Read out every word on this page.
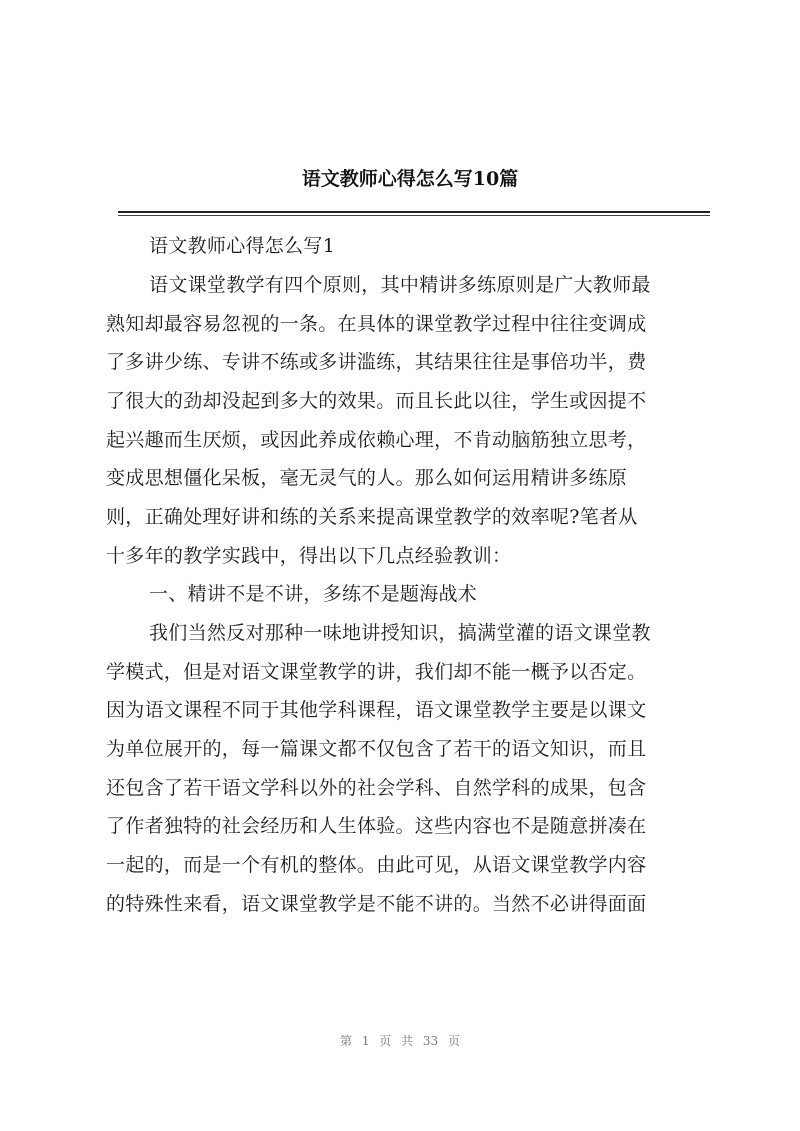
语文教师心得怎么写10篇
语文教师心得怎么写1
语文课堂教学有四个原则，其中精讲多练原则是广大教师最
熟知却最容易忽视的一条。在具体的课堂教学过程中往往变调成
了多讲少练、专讲不练或多讲滥练，其结果往往是事倍功半，费
了很大的劲却没起到多大的效果。而且长此以往，学生或因提不
起兴趣而生厌烦，或因此养成依赖心理，不肯动脑筋独立思考，
变成思想僵化呆板，毫无灵气的人。那么如何运用精讲多练原
则，正确处理好讲和练的关系来提高课堂教学的效率呢?笔者从
十多年的教学实践中，得出以下几点经验教训：
一、精讲不是不讲，多练不是题海战术
我们当然反对那种一味地讲授知识，搞满堂灌的语文课堂教
学模式，但是对语文课堂教学的讲，我们却不能一概予以否定。
因为语文课程不同于其他学科课程，语文课堂教学主要是以课文
为单位展开的，每一篇课文都不仅包含了若干的语文知识，而且
还包含了若干语文学科以外的社会学科、自然学科的成果，包含
了作者独特的社会经历和人生体验。这些内容也不是随意拼凑在
一起的，而是一个有机的整体。由此可见，从语文课堂教学内容
的特殊性来看，语文课堂教学是不能不讲的。当然不必讲得面面
第 1 页 共 33 页
